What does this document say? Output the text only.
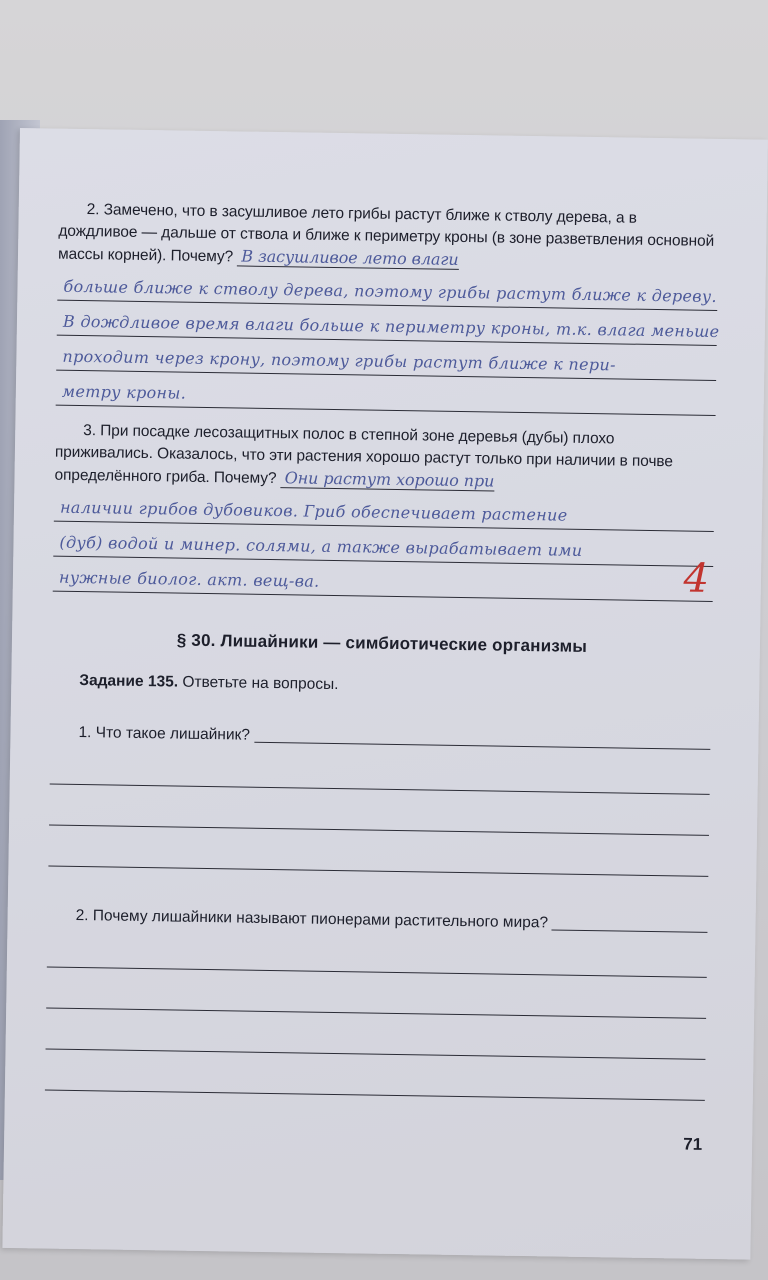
2. Замечено, что в засушливое лето грибы растут ближе к стволу дерева, а в дождливое — дальше от ствола и ближе к периметру кроны (в зоне разветвления основной массы корней). Почему? В засушливое лето влаги

больше ближе к стволу дерева, поэтому грибы растут ближе к дереву.
В дождливое время влаги больше к периметру кроны, т.к. влага меньше
проходит через крону, поэтому грибы растут ближе к пери-
метру кроны.

3. При посадке лесозащитных полос в степной зоне деревья (дубы) плохо приживались. Оказалось, что эти растения хорошо растут только при наличии в почве определённого гриба. Почему? Они растут хорошо при

наличии грибов дубовиков. Гриб обеспечивает растение
(дуб) водой и минер. солями, а также вырабатывает ими
нужные биолог. акт. вещ-ва.	4
§ 30. Лишайники — симбиотические организмы

Задание 135. Ответьте на вопросы.

1. Что такое лишайник?
2. Почему лишайники называют пионерами растительного мира?
71
